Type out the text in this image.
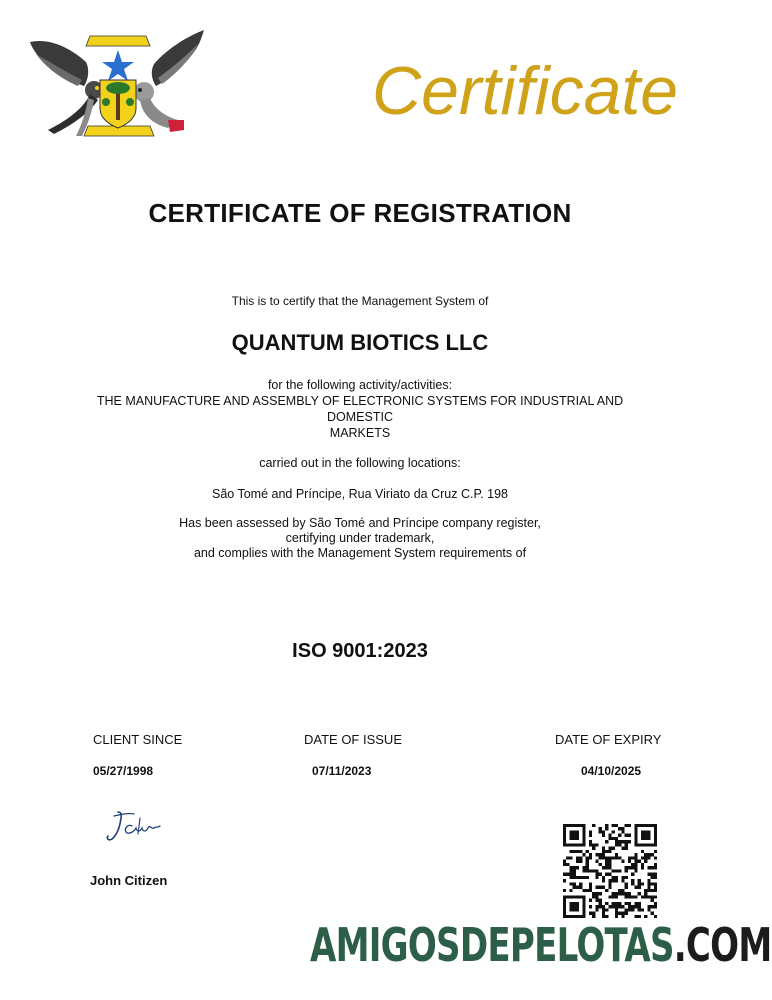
Certificate
CERTIFICATE OF REGISTRATION
This is to certify that the Management System of
QUANTUM BIOTICS LLC
for the following activity/activities:
THE MANUFACTURE AND ASSEMBLY OF ELECTRONIC SYSTEMS FOR INDUSTRIAL AND
DOMESTIC
MARKETS
carried out in the following locations:
São Tomé and Príncipe, Rua Viriato da Cruz C.P. 198
Has been assessed by São Tomé and Príncipe company register,
certifying under trademark,
and complies with the Management System requirements of
ISO 9001:2023
CLIENT SINCE	DATE OF ISSUE	DATE OF EXPIRY
05/27/1998	07/11/2023	04/10/2025
John Citizen
AMIGOSDEPELOTAS.COM
